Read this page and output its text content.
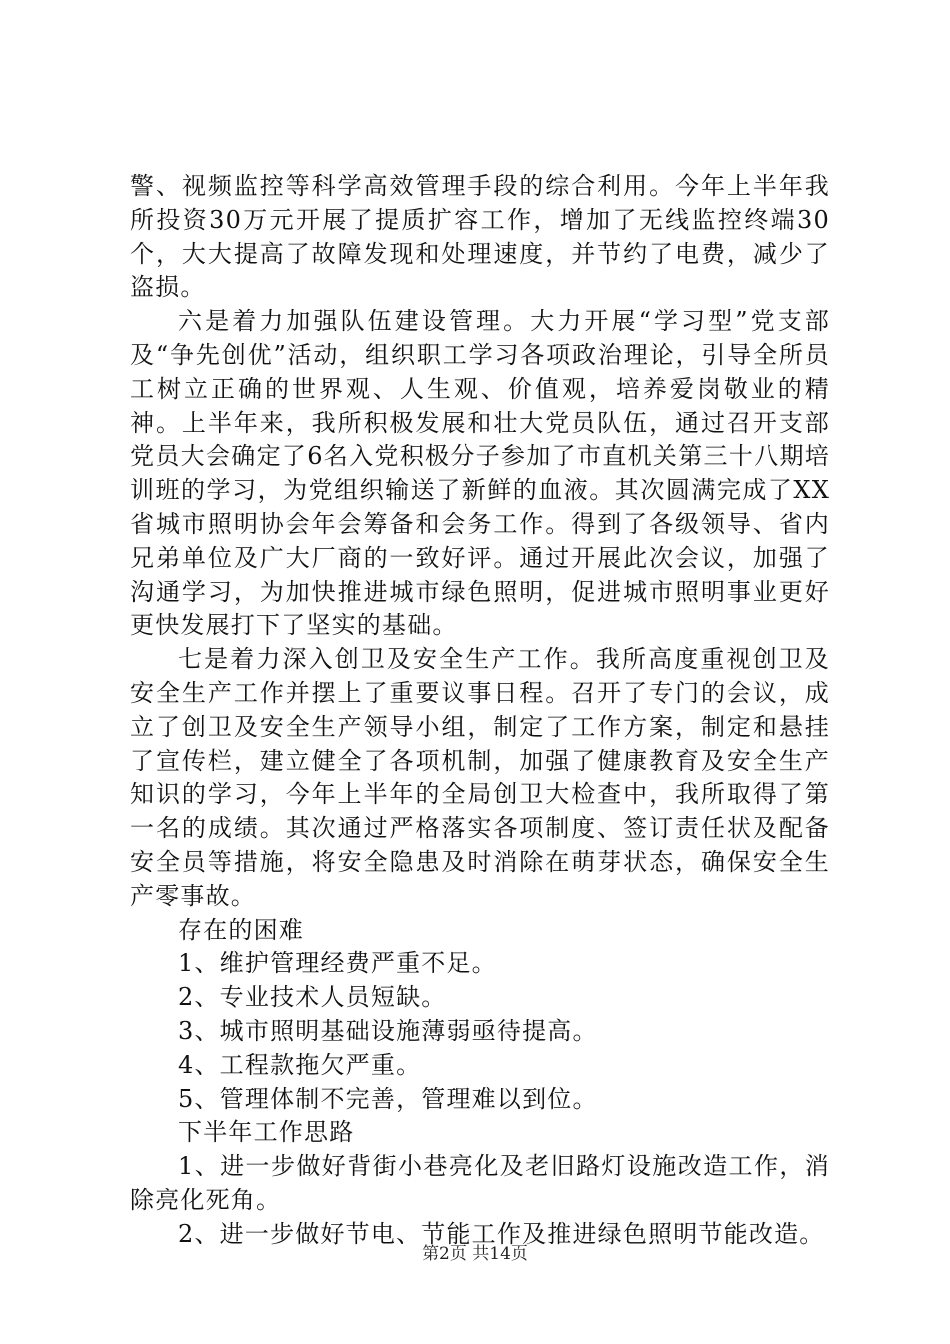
警、视频监控等科学高效管理手段的综合利用。今年上半年我所投资30万元开展了提质扩容工作，增加了无线监控终端30个，大大提高了故障发现和处理速度，并节约了电费，减少了盗损。

六是着力加强队伍建设管理。大力开展“学习型”党支部及“争先创优”活动，组织职工学习各项政治理论，引导全所员工树立正确的世界观、人生观、价值观，培养爱岗敬业的精神。上半年来，我所积极发展和壮大党员队伍，通过召开支部党员大会确定了6名入党积极分子参加了市直机关第三十八期培训班的学习，为党组织输送了新鲜的血液。其次圆满完成了XX省城市照明协会年会筹备和会务工作。得到了各级领导、省内兄弟单位及广大厂商的一致好评。通过开展此次会议，加强了沟通学习，为加快推进城市绿色照明，促进城市照明事业更好更快发展打下了坚实的基础。

七是着力深入创卫及安全生产工作。我所高度重视创卫及安全生产工作并摆上了重要议事日程。召开了专门的会议，成立了创卫及安全生产领导小组，制定了工作方案，制定和悬挂了宣传栏，建立健全了各项机制，加强了健康教育及安全生产知识的学习，今年上半年的全局创卫大检查中，我所取得了第一名的成绩。其次通过严格落实各项制度、签订责任状及配备安全员等措施，将安全隐患及时消除在萌芽状态，确保安全生产零事故。

存在的困难

1、维护管理经费严重不足。

2、专业技术人员短缺。

3、城市照明基础设施薄弱亟待提高。

4、工程款拖欠严重。

5、管理体制不完善，管理难以到位。

下半年工作思路

1、进一步做好背街小巷亮化及老旧路灯设施改造工作，消除亮化死角。

2、进一步做好节电、节能工作及推进绿色照明节能改造。

第2页 共14页
